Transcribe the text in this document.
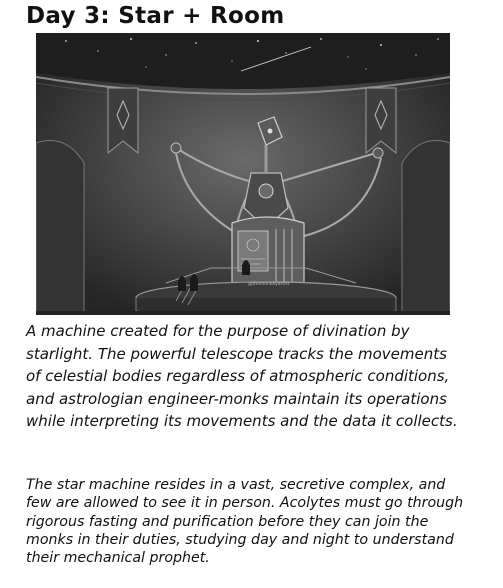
Day 3: Star + Room
@themonkeyartist

A machine created for the purpose of divination by starlight. The powerful telescope tracks the movements of celestial bodies regardless of atmospheric conditions, and astrologian engineer-monks maintain its operations while interpreting its movements and the data it collects.

The star machine resides in a vast, secretive complex, and few are allowed to see it in person. Acolytes must go through rigorous fasting and purification before they can join the monks in their duties, studying day and night to understand their mechanical prophet.
